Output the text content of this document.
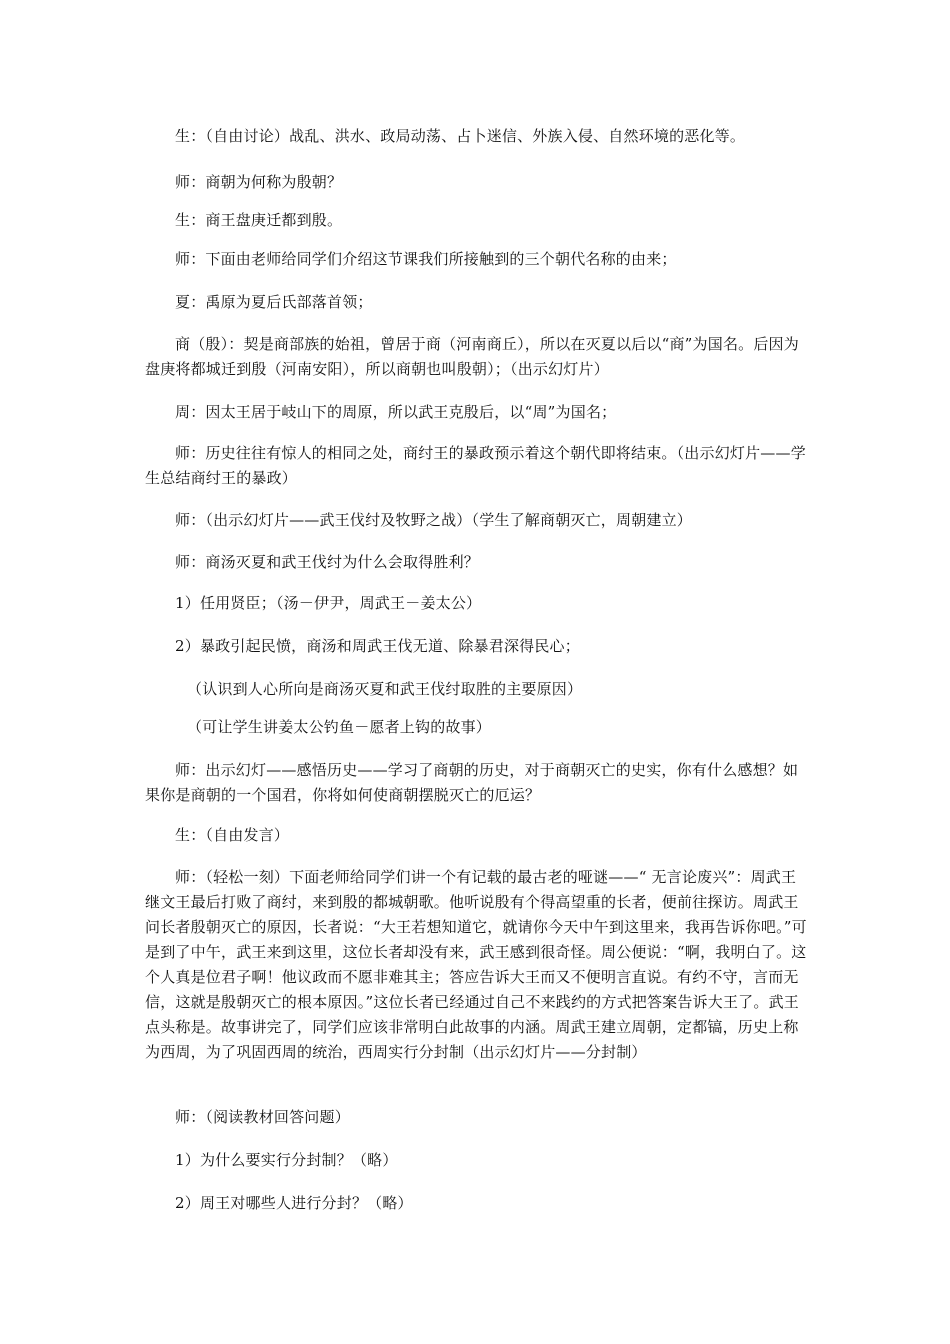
生：（自由讨论）战乱、洪水、政局动荡、占卜迷信、外族入侵、自然环境的恶化等。

师：商朝为何称为殷朝？

生：商王盘庚迁都到殷。

师：下面由老师给同学们介绍这节课我们所接触到的三个朝代名称的由来；

夏：禹原为夏后氏部落首领；

商（殷）：契是商部族的始祖，曾居于商（河南商丘），所以在灭夏以后以“商”为国名。后因为盘庚将都城迁到殷（河南安阳），所以商朝也叫殷朝）；（出示幻灯片）

周：因太王居于岐山下的周原，所以武王克殷后，以“周”为国名；

师：历史往往有惊人的相同之处，商纣王的暴政预示着这个朝代即将结束。（出示幻灯片——学生总结商纣王的暴政）

师：（出示幻灯片——武王伐纣及牧野之战）（学生了解商朝灭亡，周朝建立）

师：商汤灭夏和武王伐纣为什么会取得胜利？

1）任用贤臣；（汤－伊尹，周武王－姜太公）

2）暴政引起民愤，商汤和周武王伐无道、除暴君深得民心；

（认识到人心所向是商汤灭夏和武王伐纣取胜的主要原因）

（可让学生讲姜太公钓鱼－愿者上钩的故事）

师：出示幻灯——感悟历史——学习了商朝的历史，对于商朝灭亡的史实，你有什么感想？如果你是商朝的一个国君，你将如何使商朝摆脱灭亡的厄运？

生：（自由发言）

师：（轻松一刻）下面老师给同学们讲一个有记载的最古老的哑谜——“ 无言论废兴”：周武王继文王最后打败了商纣，来到殷的都城朝歌。他听说殷有个得高望重的长者，便前往探访。周武王问长者殷朝灭亡的原因，长者说：“大王若想知道它，就请你今天中午到这里来，我再告诉你吧。”可是到了中午，武王来到这里，这位长者却没有来，武王感到很奇怪。周公便说：“啊，我明白了。这个人真是位君子啊！他议政而不愿非难其主；答应告诉大王而又不便明言直说。有约不守，言而无信，这就是殷朝灭亡的根本原因。”这位长者已经通过自己不来践约的方式把答案告诉大王了。武王点头称是。故事讲完了，同学们应该非常明白此故事的内涵。周武王建立周朝，定都镐，历史上称为西周，为了巩固西周的统治，西周实行分封制（出示幻灯片——分封制）

师：（阅读教材回答问题）

1）为什么要实行分封制？（略）

2）周王对哪些人进行分封？（略）
